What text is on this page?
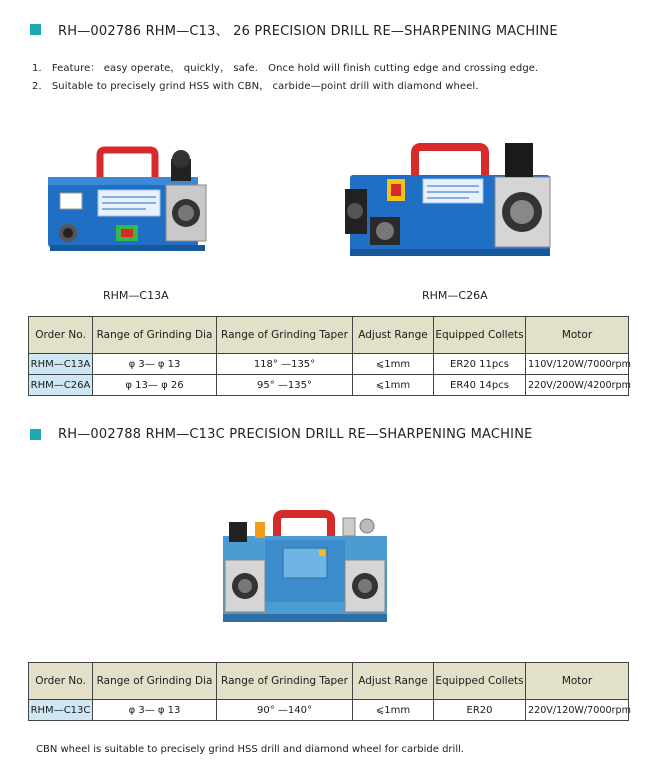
RH—002786 RHM—C13、 26 PRECISION DRILL RE—SHARPENING MACHINE
1． Feature： easy operate， quickly， safe． Once hold will finish cutting edge and crossing edge．
2． Suitable to precisely grind HSS with CBN， carbide—point drill with diamond wheel．
RHM—C13A	RHM—C26A
Order No.	Range of Grinding Dia	Range of Grinding Taper	Adjust Range	Equipped Collets	Motor
RHM—C13A	φ 3— φ 13	118° —135°	⩽1mm	ER20 11pcs	110V/120W/7000rpm
RHM—C26A	φ 13— φ 26	95° —135°	⩽1mm	ER40 14pcs	220V/200W/4200rpm
RH—002788 RHM—C13C PRECISION DRILL RE—SHARPENING MACHINE
Order No.	Range of Grinding Dia	Range of Grinding Taper	Adjust Range	Equipped Collets	Motor
RHM—C13C	φ 3— φ 13	90° —140°	⩽1mm	ER20	220V/120W/7000rpm
CBN wheel is suitable to precisely grind HSS drill and diamond wheel for carbide drill．
